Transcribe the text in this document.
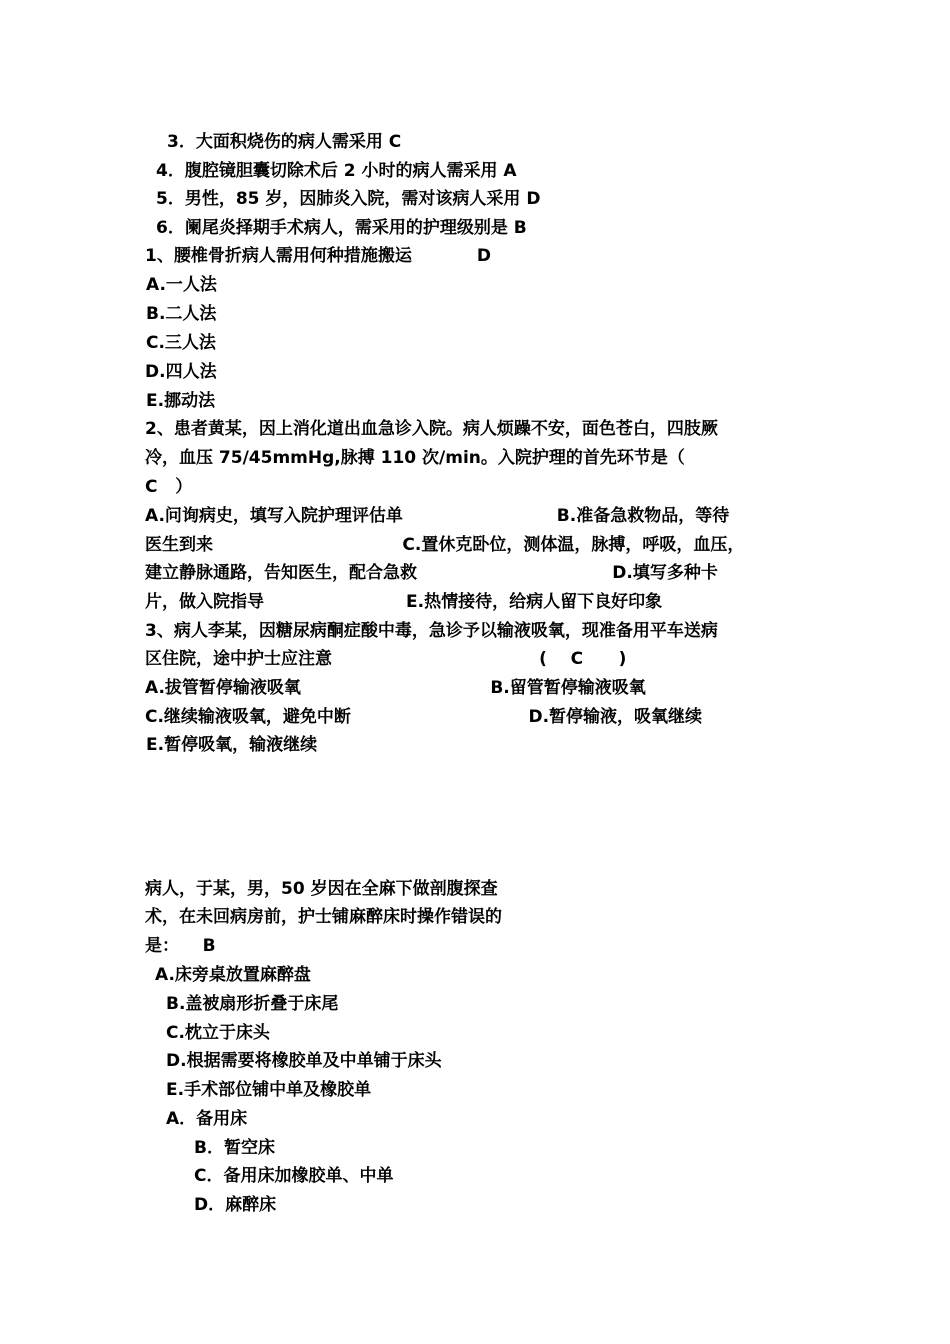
3．大面积烧伤的病人需采用 C
4．腹腔镜胆囊切除术后 2 小时的病人需采用 A
5．男性，85 岁，因肺炎入院，需对该病人采用 D
6．阑尾炎择期手术病人，需采用的护理级别是 B
1、腰椎骨折病人需用何种措施搬运           D
A.一人法
B.二人法
C.三人法
D.四人法
E.挪动法
2、患者黄某，因上消化道出血急诊入院。病人烦躁不安，面色苍白，四肢厥
冷，血压 75/45mmHg,脉搏 110 次/min。入院护理的首先环节是（
C   ）
A.问询病史，填写入院护理评估单                          B.准备急救物品，等待
医生到来                                C.置休克卧位，测体温，脉搏，呼吸，血压，
建立静脉通路，告知医生，配合急救                                 D.填写多种卡
片，做入院指导                        E.热情接待，给病人留下良好印象
3、病人李某，因糖尿病酮症酸中毒，急诊予以输液吸氧，现准备用平车送病
区住院，途中护士应注意                                   (    C      )
A.拔管暂停输液吸氧                                B.留管暂停输液吸氧
C.继续输液吸氧，避免中断                              D.暂停输液，吸氧继续
E.暂停吸氧，输液继续
病人，于某，男，50 岁因在全麻下做剖腹探查
术，在未回病房前，护士铺麻醉床时操作错误的
是：    B
A.床旁桌放置麻醉盘
B.盖被扇形折叠于床尾
C.枕立于床头
D.根据需要将橡胶单及中单铺于床头
E.手术部位铺中单及橡胶单
A．备用床
B．暂空床
C．备用床加橡胶单、中单
D．麻醉床
